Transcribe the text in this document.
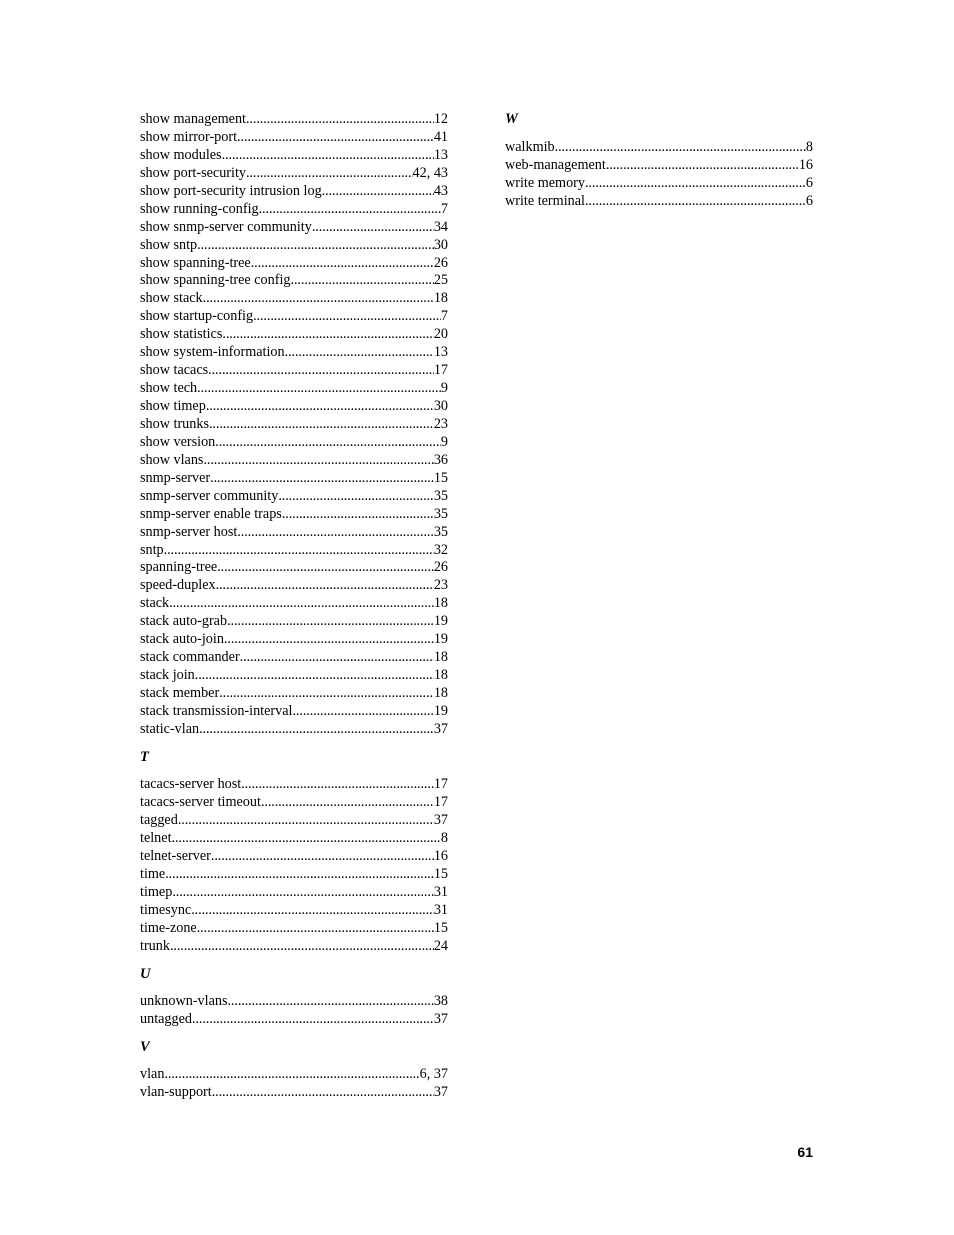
show management .....	12
show mirror-port .....	41
show modules .....	13
show port-security .....	42, 43
show port-security intrusion log .....	43
show running-config .....	7
show snmp-server community .....	34
show sntp .....	30
show spanning-tree .....	26
show spanning-tree config .....	25
show stack .....	18
show startup-config .....	7
show statistics .....	20
show system-information .....	13
show tacacs .....	17
show tech .....	9
show timep .....	30
show trunks .....	23
show version .....	9
show vlans .....	36
snmp-server .....	15
snmp-server community .....	35
snmp-server enable traps .....	35
snmp-server host .....	35
sntp .....	32
spanning-tree .....	26
speed-duplex .....	23
stack .....	18
stack auto-grab .....	19
stack auto-join .....	19
stack commander .....	18
stack join .....	18
stack member .....	18
stack transmission-interval .....	19
static-vlan .....	37
T
tacacs-server host .....	17
tacacs-server timeout .....	17
tagged .....	37
telnet .....	8
telnet-server .....	16
time .....	15
timep .....	31
timesync .....	31
time-zone .....	15
trunk .....	24
U
unknown-vlans .....	38
untagged .....	37
V
vlan .....	6, 37
vlan-support .....	37
W
walkmib .....	8
web-management .....	16
write memory .....	6
write terminal .....	6
61
